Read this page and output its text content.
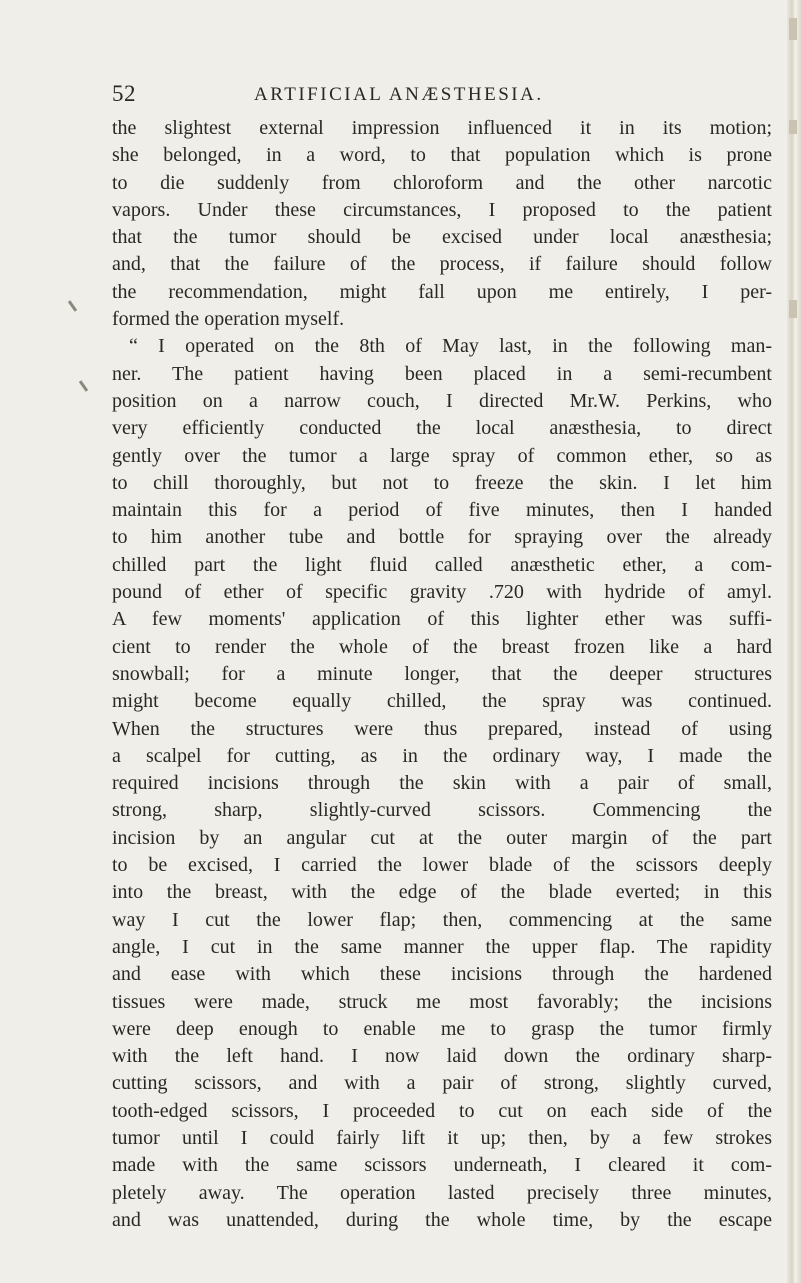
52	ARTIFICIAL ANÆSTHESIA.
the slightest external impression influenced it in its motion;
she belonged, in a word, to that population which is prone
to die suddenly from chloroform and the other narcotic
vapors. Under these circumstances, I proposed to the patient
that the tumor should be excised under local anæsthesia;
and, that the failure of the process, if failure should follow
the recommendation, might fall upon me entirely, I per-
formed the operation myself.
“ I operated on the 8th of May last, in the following man-
ner. The patient having been placed in a semi-recumbent
position on a narrow couch, I directed Mr.W. Perkins, who
very efficiently conducted the local anæsthesia, to direct
gently over the tumor a large spray of common ether, so as
to chill thoroughly, but not to freeze the skin. I let him
maintain this for a period of five minutes, then I handed
to him another tube and bottle for spraying over the already
chilled part the light fluid called anæsthetic ether, a com-
pound of ether of specific gravity .720 with hydride of amyl.
A few moments' application of this lighter ether was suffi-
cient to render the whole of the breast frozen like a hard
snowball; for a minute longer, that the deeper structures
might become equally chilled, the spray was continued.
When the structures were thus prepared, instead of using
a scalpel for cutting, as in the ordinary way, I made the
required incisions through the skin with a pair of small,
strong, sharp, slightly-curved scissors. Commencing the
incision by an angular cut at the outer margin of the part
to be excised, I carried the lower blade of the scissors deeply
into the breast, with the edge of the blade everted; in this
way I cut the lower flap; then, commencing at the same
angle, I cut in the same manner the upper flap. The rapidity
and ease with which these incisions through the hardened
tissues were made, struck me most favorably; the incisions
were deep enough to enable me to grasp the tumor firmly
with the left hand. I now laid down the ordinary sharp-
cutting scissors, and with a pair of strong, slightly curved,
tooth-edged scissors, I proceeded to cut on each side of the
tumor until I could fairly lift it up; then, by a few strokes
made with the same scissors underneath, I cleared it com-
pletely away. The operation lasted precisely three minutes,
and was unattended, during the whole time, by the escape
